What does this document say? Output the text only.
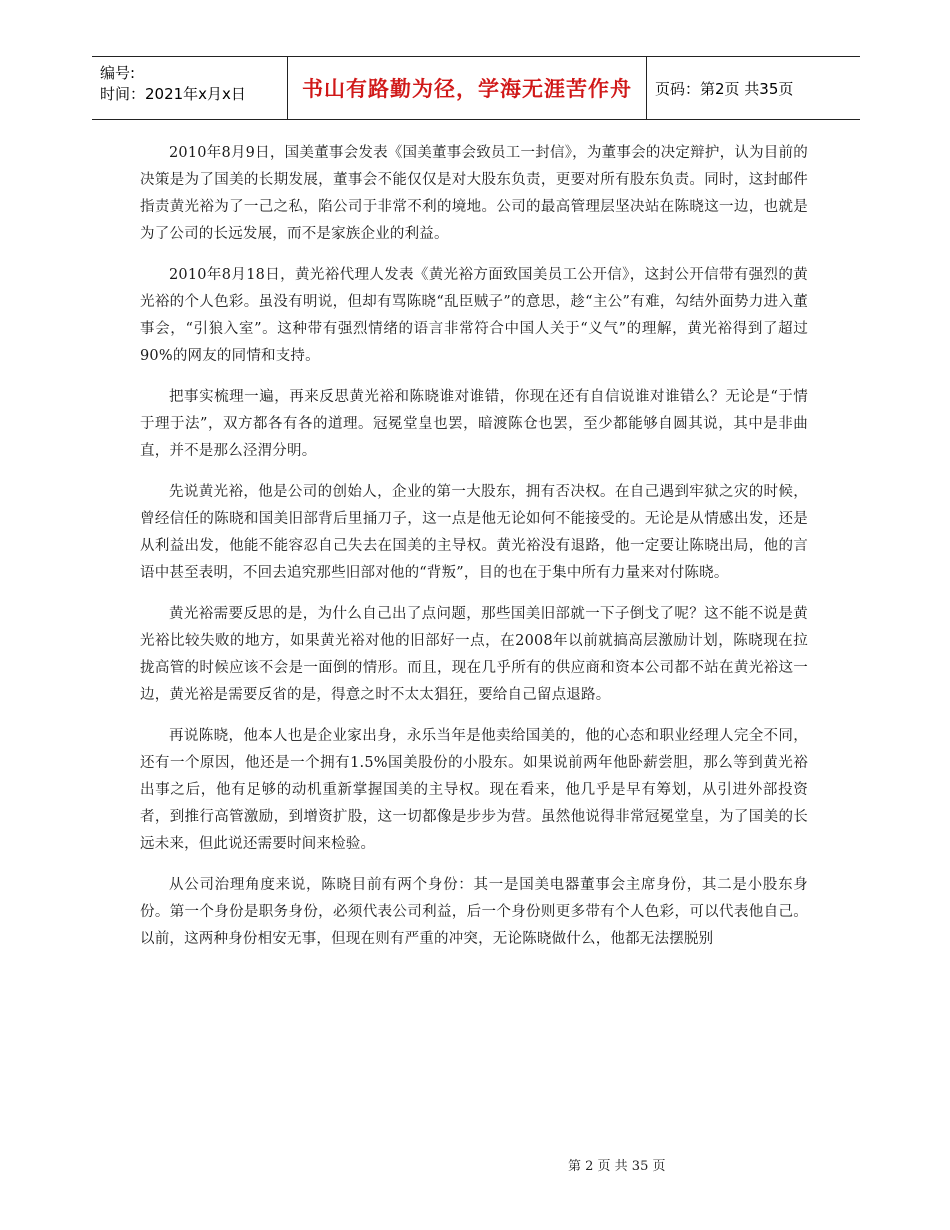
编号:
时间：2021年x月x日	书山有路勤为径，学海无涯苦作舟	页码：第2页 共35页

2010年8月9日，国美董事会发表《国美董事会致员工一封信》，为董事会的决定辩护，认为目前的决策是为了国美的长期发展，董事会不能仅仅是对大股东负责，更要对所有股东负责。同时，这封邮件指责黄光裕为了一己之私，陷公司于非常不利的境地。公司的最高管理层坚决站在陈晓这一边，也就是为了公司的长远发展，而不是家族企业的利益。

2010年8月18日，黄光裕代理人发表《黄光裕方面致国美员工公开信》，这封公开信带有强烈的黄光裕的个人色彩。虽没有明说，但却有骂陈晓“乱臣贼子”的意思，趁“主公”有难，勾结外面势力进入董事会，“引狼入室”。这种带有强烈情绪的语言非常符合中国人关于“义气”的理解，黄光裕得到了超过90%的网友的同情和支持。

把事实梳理一遍，再来反思黄光裕和陈晓谁对谁错，你现在还有自信说谁对谁错么？无论是“于情于理于法”，双方都各有各的道理。冠冕堂皇也罢，暗渡陈仓也罢，至少都能够自圆其说，其中是非曲直，并不是那么泾渭分明。

先说黄光裕，他是公司的创始人，企业的第一大股东，拥有否决权。在自己遇到牢狱之灾的时候，曾经信任的陈晓和国美旧部背后里捅刀子，这一点是他无论如何不能接受的。无论是从情感出发，还是从利益出发，他能不能容忍自己失去在国美的主导权。黄光裕没有退路，他一定要让陈晓出局，他的言语中甚至表明，不回去追究那些旧部对他的“背叛”，目的也在于集中所有力量来对付陈晓。

黄光裕需要反思的是，为什么自己出了点问题，那些国美旧部就一下子倒戈了呢？这不能不说是黄光裕比较失败的地方，如果黄光裕对他的旧部好一点，在2008年以前就搞高层激励计划，陈晓现在拉拢高管的时候应该不会是一面倒的情形。而且，现在几乎所有的供应商和资本公司都不站在黄光裕这一边，黄光裕是需要反省的是，得意之时不太太猖狂，要给自己留点退路。

再说陈晓，他本人也是企业家出身，永乐当年是他卖给国美的，他的心态和职业经理人完全不同，还有一个原因，他还是一个拥有1.5%国美股份的小股东。如果说前两年他卧薪尝胆，那么等到黄光裕出事之后，他有足够的动机重新掌握国美的主导权。现在看来，他几乎是早有筹划，从引进外部投资者，到推行高管激励，到增资扩股，这一切都像是步步为营。虽然他说得非常冠冕堂皇，为了国美的长远未来，但此说还需要时间来检验。

从公司治理角度来说，陈晓目前有两个身份：其一是国美电器董事会主席身份，其二是小股东身份。第一个身份是职务身份，必须代表公司利益，后一个身份则更多带有个人色彩，可以代表他自己。以前，这两种身份相安无事，但现在则有严重的冲突，无论陈晓做什么，他都无法摆脱别

第 2 页 共 35 页
